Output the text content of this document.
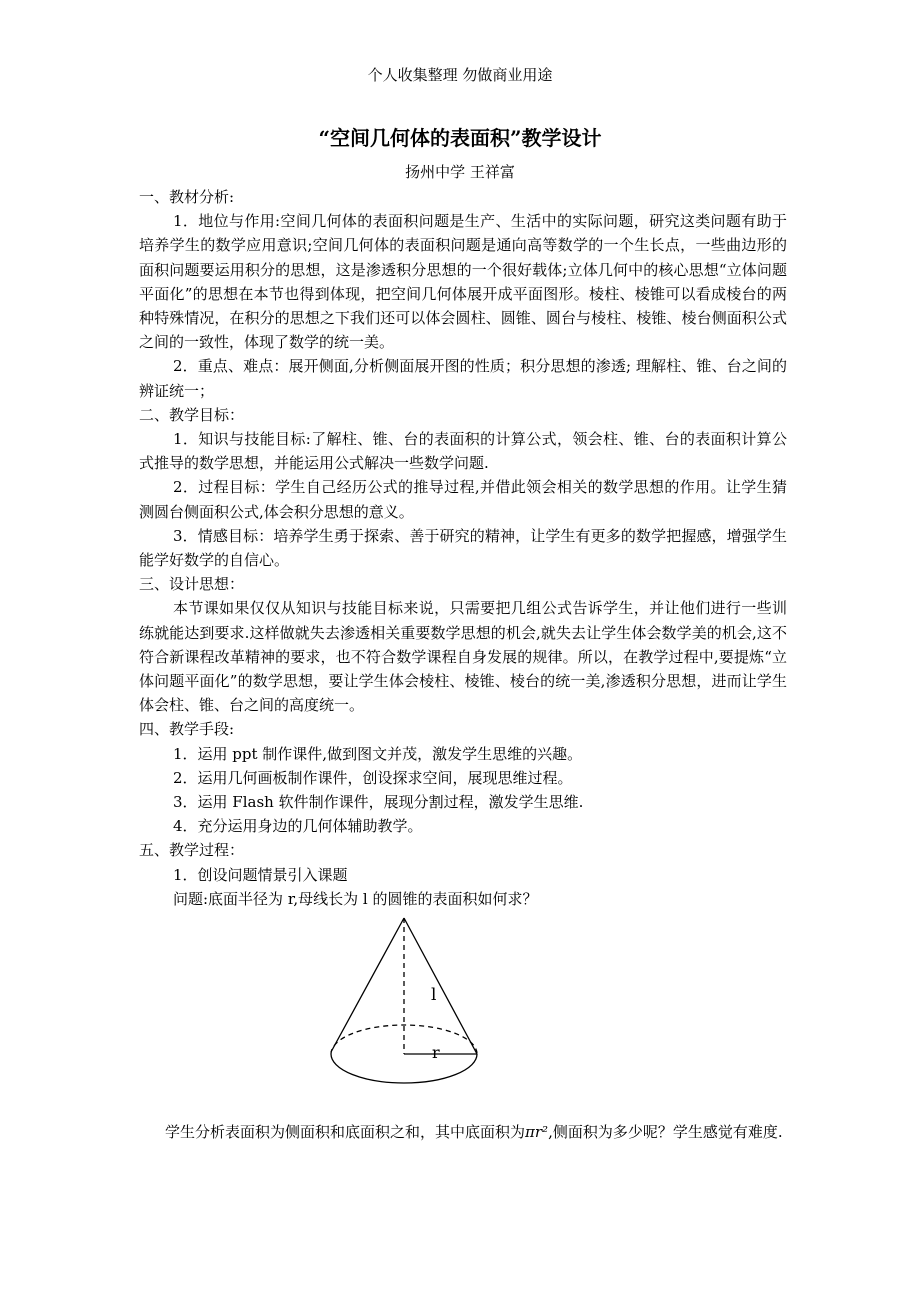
个人收集整理 勿做商业用途
“空间几何体的表面积”教学设计
扬州中学 王祥富

一、教材分析:

1．地位与作用:空间几何体的表面积问题是生产、生活中的实际问题，研究这类问题有助于培养学生的数学应用意识;空间几何体的表面积问题是通向高等数学的一个生长点，一些曲边形的面积问题要运用积分的思想，这是渗透积分思想的一个很好载体;立体几何中的核心思想“立体问题平面化”的思想在本节也得到体现，把空间几何体展开成平面图形。棱柱、棱锥可以看成棱台的两种特殊情况，在积分的思想之下我们还可以体会圆柱、圆锥、圆台与棱柱、棱锥、棱台侧面积公式之间的一致性，体现了数学的统一美。

2．重点、难点：展开侧面,分析侧面展开图的性质；积分思想的渗透; 理解柱、锥、台之间的辨证统一；

二、教学目标：

1．知识与技能目标:了解柱、锥、台的表面积的计算公式，领会柱、锥、台的表面积计算公式推导的数学思想，并能运用公式解决一些数学问题.

2．过程目标：学生自己经历公式的推导过程,并借此领会相关的数学思想的作用。让学生猜测圆台侧面积公式,体会积分思想的意义。

3．情感目标：培养学生勇于探索、善于研究的精神，让学生有更多的数学把握感，增强学生能学好数学的自信心。

三、设计思想：

本节课如果仅仅从知识与技能目标来说，只需要把几组公式告诉学生，并让他们进行一些训练就能达到要求.这样做就失去渗透相关重要数学思想的机会,就失去让学生体会数学美的机会,这不符合新课程改革精神的要求，也不符合数学课程自身发展的规律。所以，在教学过程中,要提炼“立体问题平面化”的数学思想，要让学生体会棱柱、棱锥、棱台的统一美,渗透积分思想，进而让学生体会柱、锥、台之间的高度统一。

四、教学手段:

1．运用 ppt 制作课件,做到图文并茂，激发学生思维的兴趣。

2．运用几何画板制作课件，创设探求空间，展现思维过程。

3．运用 Flash 软件制作课件，展现分割过程，激发学生思维.

4．充分运用身边的几何体辅助教学。

五、教学过程：

1．创设问题情景引入课题

问题:底面半径为 r,母线长为 l 的圆锥的表面积如何求？

l
r
学生分析表面积为侧面积和底面积之和，其中底面积为πr²,侧面积为多少呢？学生感觉有难度.
